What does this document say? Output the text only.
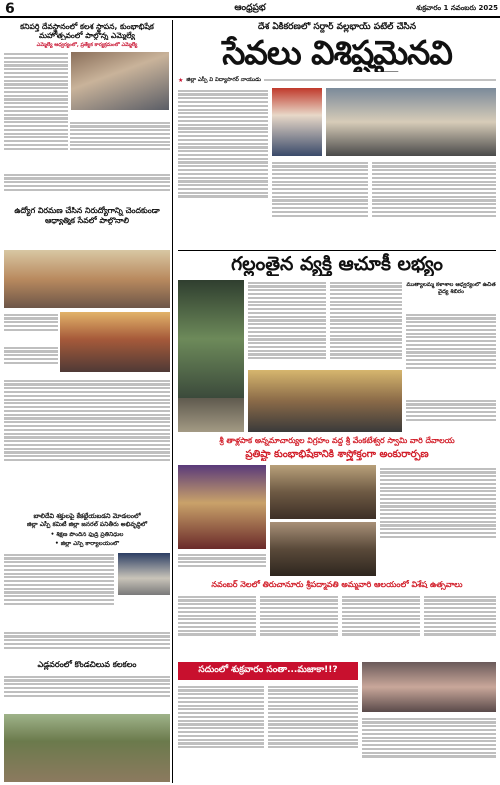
6	ఆంధ్రప్రభ	శుక్రవారం 1 నవంబరు 2025
కనిపర్తి దేవస్థానంలో కలశ స్థాపన, కుంభాభిషేక మహోత్సవంలో పాల్గొన్న ఎమ్మెల్యే
ఎమ్మెల్యే ఆధ్వర్యంలో, ప్రత్యేక కార్యక్రమంలో ఎమ్మెల్యే
ఉద్యోగ విరమణ చేసిన నిరుద్యోగాన్ని చెందకుండా ఆధ్యాత్మిక సేవలో పాల్గొనాలి
బాలిదేవి శక్తులపై కేకట్టేయబడని మోడలంలో
జిల్లా ఎస్పీ కమిటీ జిల్లా జనరల్ పనితీరు అభివృద్ధిలో
• శిక్షణ పొందిన ఫుడ్రి ప్రతినిధుల
• జిల్లా ఎస్పీ కార్యాలయంలో
ఎడ్లవరంలో కొండచిలువ కలకలం
దేశ ఏకీకరణలో సర్దార్ వల్లభాయ్ పటేల్ చేసిన
సేవలు విశిష్టమైనవి
★ జిల్లా ఎస్పీ వి విద్యాసాగర్ నాయుడు
గల్లంతైన వ్యక్తి ఆచూకీ లభ్యం
ముత్యాలమ్మ కళాశాల ఆధ్వర్యంలో ఉచిత వైద్య శిబిరం
శ్రీ తాళ్లపాక అన్నమాచార్యుల విగ్రహం వద్ద శ్రీ వేంకటేశ్వర స్వామి వారి దేవాలయ
ప్రతిష్టా కుంభాభిషేకానికి శాస్త్రోక్తంగా అంకురార్పణ
నవంబర్ నెలలో తిరుచానూరు శ్రీపద్మావతి అమ్మవారి ఆలయంలో విశేష ఉత్సవాలు
సదుంలో శుక్రవారం సంతా...మజాకా!!?
